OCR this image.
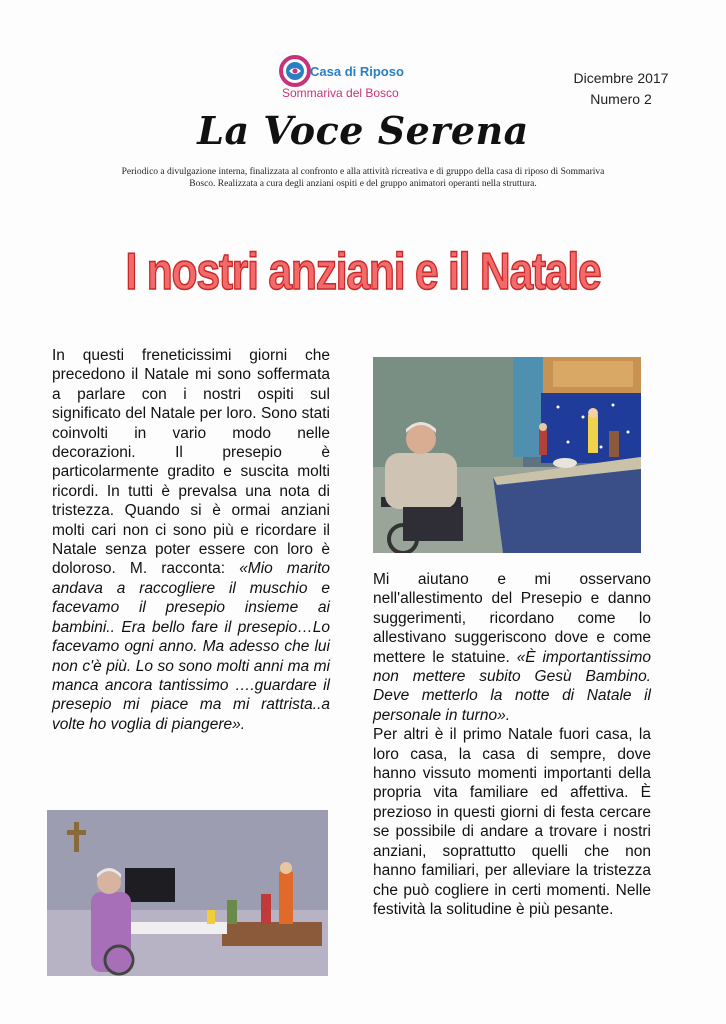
Casa di Riposo
Sommariva del Bosco
Dicembre 2017
Numero 2
La Voce Serena
Periodico a divulgazione interna, finalizzata al confronto e alla attività ricreativa e di gruppo della casa di riposo di Sommariva Bosco. Realizzata a cura degli anziani ospiti e del gruppo animatori operanti nella struttura.
I nostri anziani e il Natale

In questi freneticissimi giorni che precedono il Natale mi sono soffermata a parlare con i nostri ospiti sul significato del Natale per loro. Sono stati coinvolti in vario modo nelle decorazioni. Il presepio è particolarmente gradito e suscita molti ricordi. In tutti è prevalsa una nota di tristezza. Quando si è ormai anziani molti cari non ci sono più e ricordare il Natale senza poter essere con loro è doloroso. M. racconta: «Mio marito andava a raccogliere il muschio e facevamo il presepio insieme ai bambini.. Era bello fare il presepio…Lo facevamo ogni anno. Ma adesso che lui non c'è più. Lo so sono molti anni ma mi manca ancora tantissimo ….guardare il presepio mi piace ma mi rattrista..a volte ho voglia di piangere».

Mi aiutano e mi osservano nell'allestimento del Presepio e danno suggerimenti, ricordano come lo allestivano suggeriscono dove e come mettere le statuine. «È importantissimo non mettere subito Gesù Bambino. Deve metterlo la notte di Natale il personale in turno».

Per altri è il primo Natale fuori casa, la loro casa, la casa di sempre, dove hanno vissuto momenti importanti della propria vita familiare ed affettiva. È prezioso in questi giorni di festa cercare se possibile di andare a trovare i nostri anziani, soprattutto quelli che non hanno familiari, per alleviare la tristezza che può cogliere in certi momenti. Nelle festività la solitudine è più pesante.
